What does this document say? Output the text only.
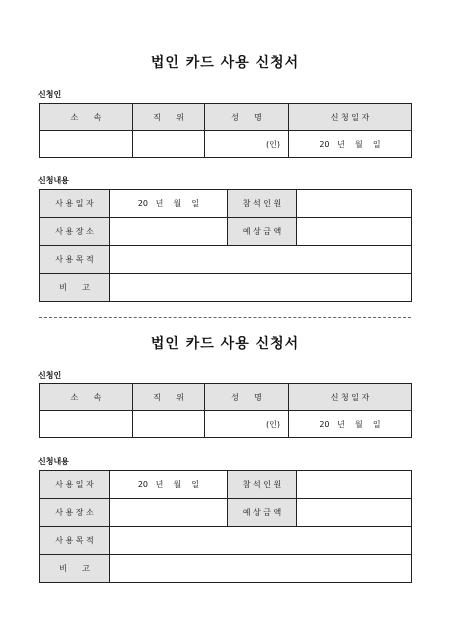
법인 카드 사용 신청서
신청인
소      속	직      위	성      명	신 청 일 자
		(인)	20   년    월    일
신청내용
사 용 일 자	20   년    월    일	참 석 인 원	
사 용 장 소		예 상 금 액	
사 용 목 적			
비      고			
법인 카드 사용 신청서
신청인
소      속	직      위	성      명	신 청 일 자
		(인)	20   년    월    일
신청내용
사 용 일 자	20   년    월    일	참 석 인 원	
사 용 장 소		예 상 금 액	
사 용 목 적			
비      고			
